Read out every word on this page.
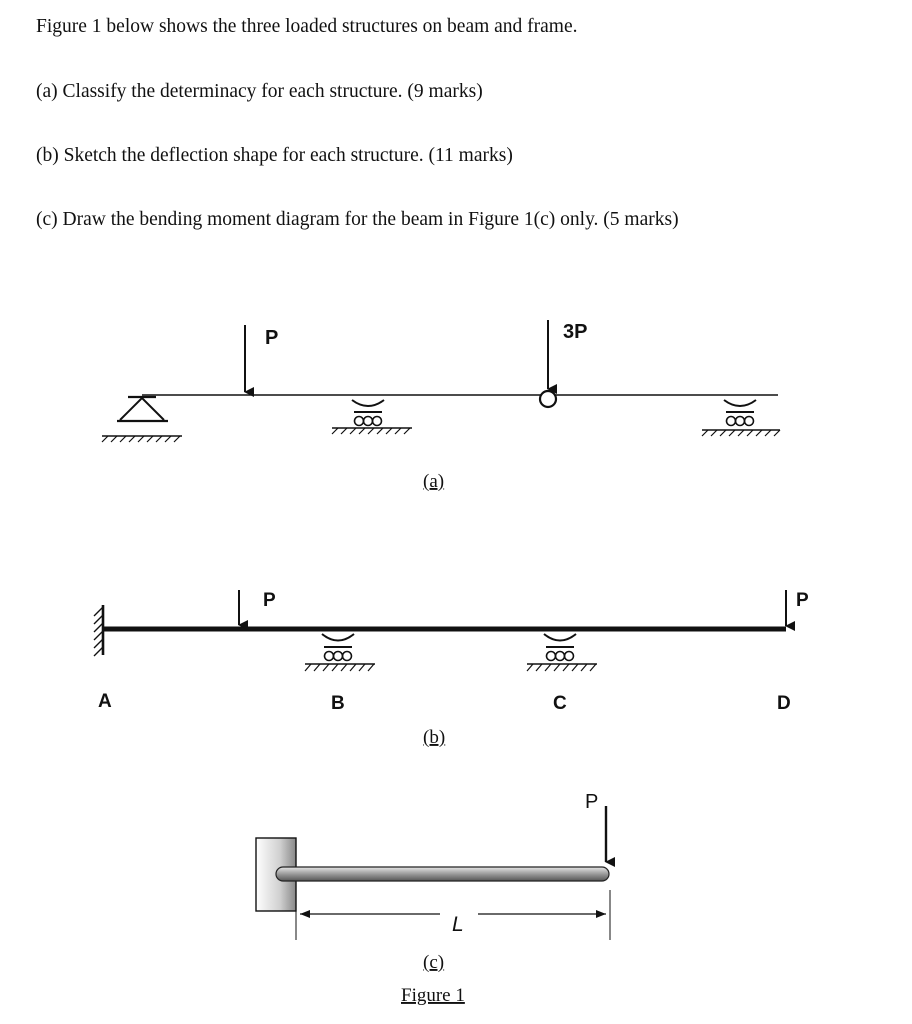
Figure 1 below shows the three loaded structures on beam and frame.
(a) Classify the determinacy for each structure. (9 marks)
(b) Sketch the deflection shape for each structure. (11 marks)
(c) Draw the bending moment diagram for the beam in Figure 1(c) only. (5 marks)
P	3P
(a)
P	P
A	B	C	D
(b)
P
L
(c)
Figure 1
